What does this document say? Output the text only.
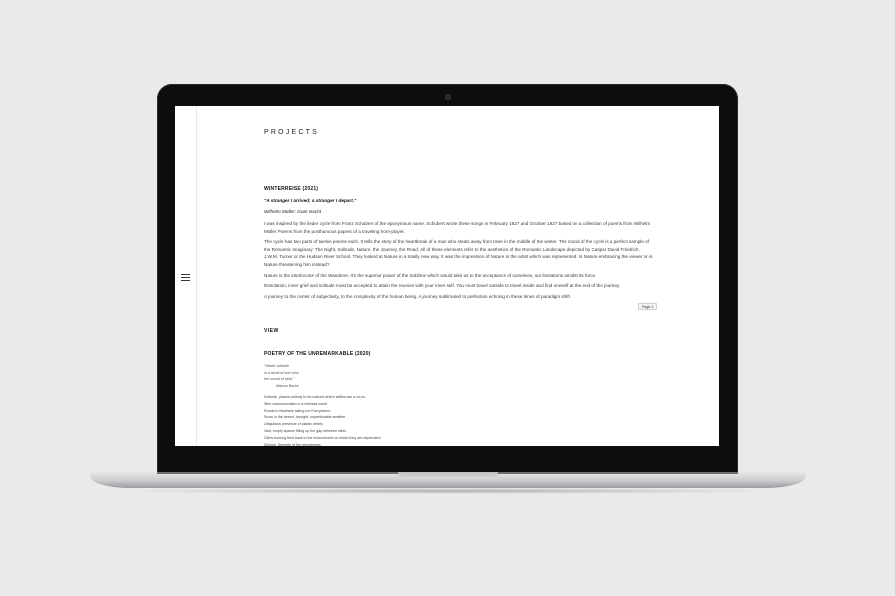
PROJECTS
WINTERREISE (2021)
"A stranger I arrived; a stranger I depart."
Wilhelm Müller: Gute Nacht

I was inspired by the lieder cycle from Franz Schubert of the eponymous name. Schubert wrote these songs in February 1827 and October 1827 based on a collection of poems from Wilhelm Müller Poems from the posthumous papers of a traveling horn-player.

The cycle has two parts of twelve poems each. It tells the story of the heartbreak of a man who steals away from town in the middle of the winter. The mood of the cycle is a perfect sample of the Romantic Imaginary: The Night, Solitude, Nature, the Journey, the Road. All of these elements refer to the aesthetics of the Romantic Landscape depicted by Caspar David Friedrich, J.W.M. Turner or the Hudson River School. They looked at Nature in a totally new way. It was the impression of Nature in the artist which was represented. Is Nature embracing the viewer or is Nature threatening him instead?

Nature is the interlocutor of the Wanderer. It's the superior power of the Sublime which would take us to the acceptance of ourselves, our limitations amidst its force.

Desolation, inner grief and solitude must be accepted to attain the reunion with your inner self. You must travel outside to travel inside and find oneself at the end of the journey.

A journey to the center of subjectivity, to the complexity of the human being. A journey sublimated to perfection echoing in these times of paradigm shift.

VIEW
POETRY OF THE UNREMARKABLE (2020)
"Winter solitude
in a world of one color
the sound of wind."
Matsuo Basho
Solitude, places unlikely to be noticed where selfies are a no-no
Wire communication in a wireless world
Roads to Nowhere taking me Everywhere
Snow in the desert, drought, unpredictable weather
Ubiquitous presence of plastic debris
Vast, empty spaces filling up the gap between cities
Cities burning their back to the environment on which they are dependent
Silence. Serenity of the remoteness
Page 1
